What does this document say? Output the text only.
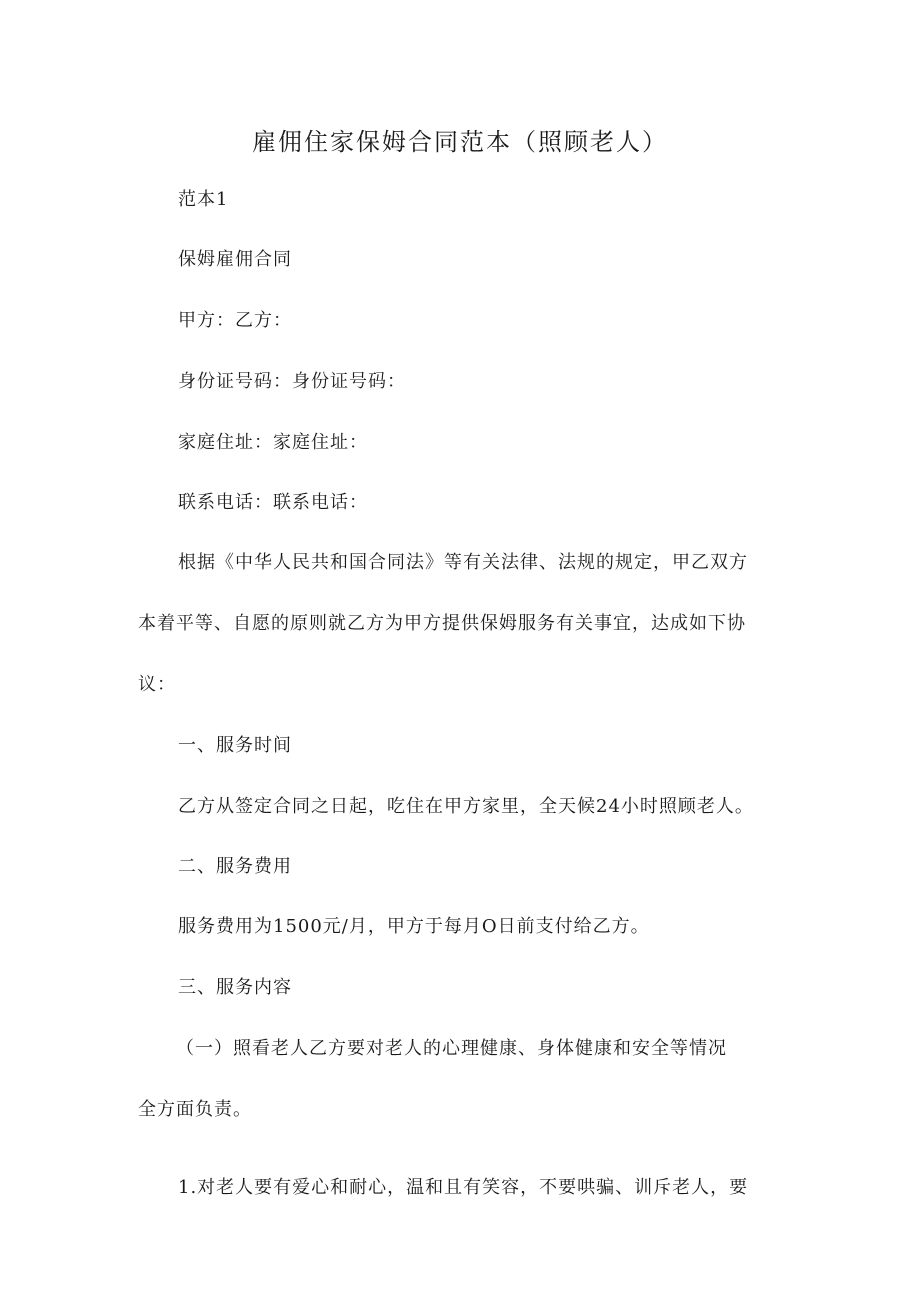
雇佣住家保姆合同范本（照顾老人）
范本1
保姆雇佣合同
甲方：乙方：
身份证号码：身份证号码：
家庭住址：家庭住址：
联系电话：联系电话：
根据《中华人民共和国合同法》等有关法律、法规的规定，甲乙双方
本着平等、自愿的原则就乙方为甲方提供保姆服务有关事宜，达成如下协
议：
一、服务时间
乙方从签定合同之日起，吃住在甲方家里，全天候24小时照顾老人。
二、服务费用
服务费用为1500元/月，甲方于每月O日前支付给乙方。
三、服务内容
（一）照看老人乙方要对老人的心理健康、身体健康和安全等情况
全方面负责。
1.对老人要有爱心和耐心，温和且有笑容，不要哄骗、训斥老人，要
